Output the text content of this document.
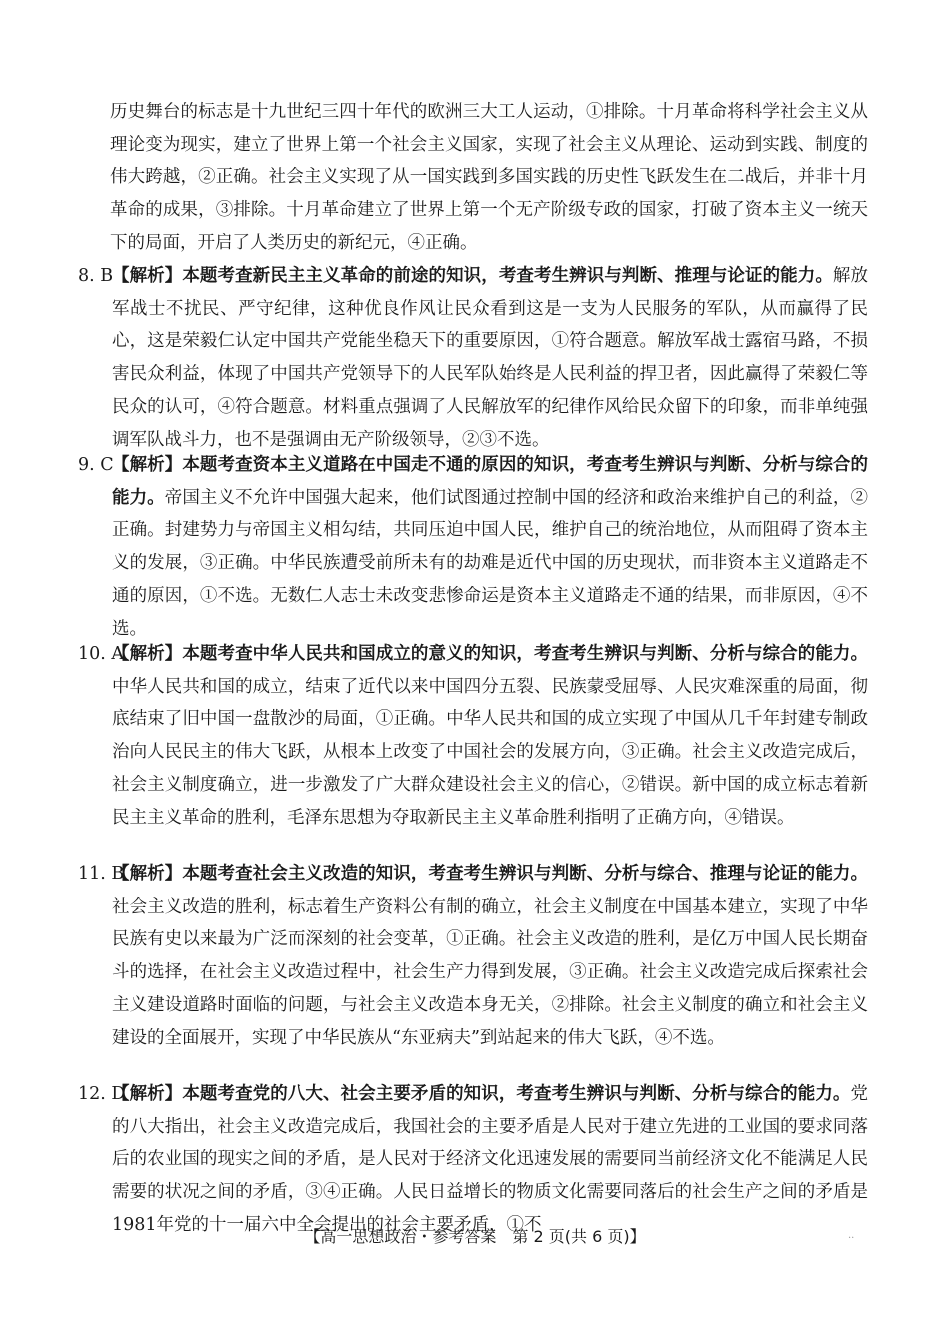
历史舞台的标志是十九世纪三四十年代的欧洲三大工人运动，①排除。十月革命将科学社会主义从理论变为现实，建立了世界上第一个社会主义国家，实现了社会主义从理论、运动到实践、制度的伟大跨越，②正确。社会主义实现了从一国实践到多国实践的历史性飞跃发生在二战后，并非十月革命的成果，③排除。十月革命建立了世界上第一个无产阶级专政的国家，打破了资本主义一统天下的局面，开启了人类历史的新纪元，④正确。
8. B
【解析】本题考查新民主主义革命的前途的知识，考查考生辨识与判断、推理与论证的能力。解放军战士不扰民、严守纪律，这种优良作风让民众看到这是一支为人民服务的军队，从而赢得了民心，这是荣毅仁认定中国共产党能坐稳天下的重要原因，①符合题意。解放军战士露宿马路，不损害民众利益，体现了中国共产党领导下的人民军队始终是人民利益的捍卫者，因此赢得了荣毅仁等民众的认可，④符合题意。材料重点强调了人民解放军的纪律作风给民众留下的印象，而非单纯强调军队战斗力，也不是强调由无产阶级领导，②③不选。
9. C
【解析】本题考查资本主义道路在中国走不通的原因的知识，考查考生辨识与判断、分析与综合的能力。帝国主义不允许中国强大起来，他们试图通过控制中国的经济和政治来维护自己的利益，②正确。封建势力与帝国主义相勾结，共同压迫中国人民，维护自己的统治地位，从而阻碍了资本主义的发展，③正确。中华民族遭受前所未有的劫难是近代中国的历史现状，而非资本主义道路走不通的原因，①不选。无数仁人志士未改变悲惨命运是资本主义道路走不通的结果，而非原因，④不选。
10. A
【解析】本题考查中华人民共和国成立的意义的知识，考查考生辨识与判断、分析与综合的能力。中华人民共和国的成立，结束了近代以来中国四分五裂、民族蒙受屈辱、人民灾难深重的局面，彻底结束了旧中国一盘散沙的局面，①正确。中华人民共和国的成立实现了中国从几千年封建专制政治向人民民主的伟大飞跃，从根本上改变了中国社会的发展方向，③正确。社会主义改造完成后，社会主义制度确立，进一步激发了广大群众建设社会主义的信心，②错误。新中国的成立标志着新民主主义革命的胜利，毛泽东思想为夺取新民主主义革命胜利指明了正确方向，④错误。
11. B
【解析】本题考查社会主义改造的知识，考查考生辨识与判断、分析与综合、推理与论证的能力。社会主义改造的胜利，标志着生产资料公有制的确立，社会主义制度在中国基本建立，实现了中华民族有史以来最为广泛而深刻的社会变革，①正确。社会主义改造的胜利，是亿万中国人民长期奋斗的选择，在社会主义改造过程中，社会生产力得到发展，③正确。社会主义改造完成后探索社会主义建设道路时面临的问题，与社会主义改造本身无关，②排除。社会主义制度的确立和社会主义建设的全面展开，实现了中华民族从“东亚病夫”到站起来的伟大飞跃，④不选。
12. D
【解析】本题考查党的八大、社会主要矛盾的知识，考查考生辨识与判断、分析与综合的能力。党的八大指出，社会主义改造完成后，我国社会的主要矛盾是人民对于建立先进的工业国的要求同落后的农业国的现实之间的矛盾，是人民对于经济文化迅速发展的需要同当前经济文化不能满足人民需要的状况之间的矛盾，③④正确。人民日益增长的物质文化需要同落后的社会生产之间的矛盾是1981年党的十一届六中全会提出的社会主要矛盾，①不
【高一思想政治・参考答案　第 2 页(共 6 页)】	..
